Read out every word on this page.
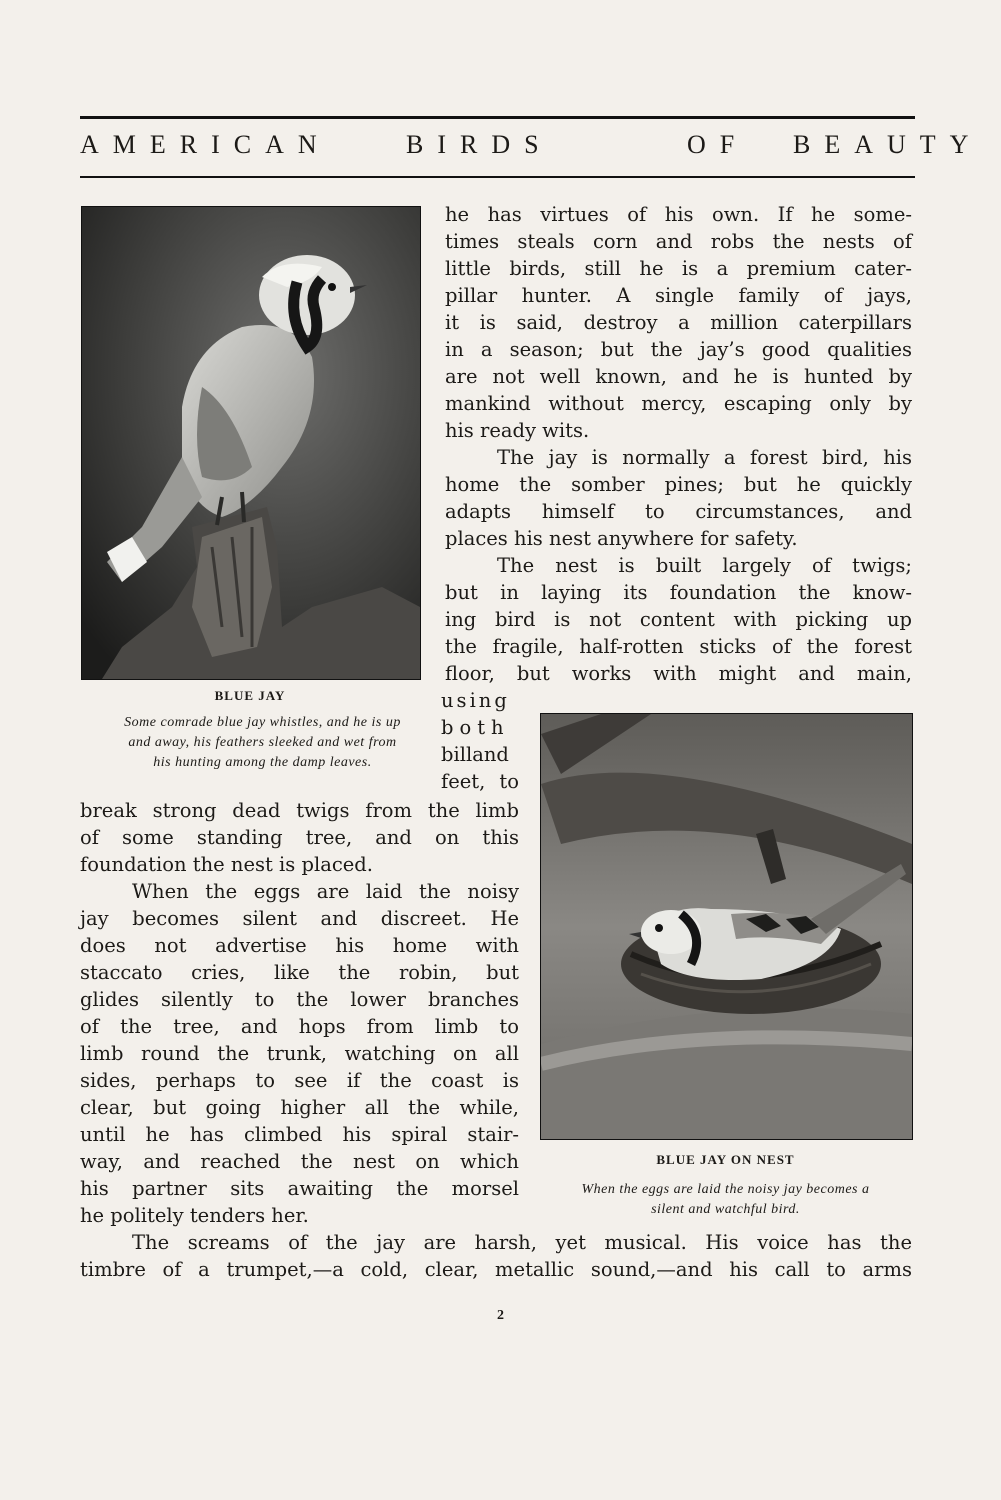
AMERICAN	BIRDS	OF BEAUTY
BLUE JAY
Some comrade blue jay whistles, and he is up
and away, his feathers sleeked and wet from
his hunting among the damp leaves.
BLUE JAY ON NEST
When the eggs are laid the noisy jay becomes a
silent and watchful bird.
he has virtues of his own. If he some-
times steals corn and robs the nests of
little birds, still he is a premium cater-
pillar hunter. A single family of jays,
it is said, destroy a million caterpillars
in a season; but the jay’s good qualities
are not well known, and he is hunted by
mankind without mercy, escaping only by
his ready wits.
The jay is normally a forest bird, his
home the somber pines; but he quickly
adapts himself to circumstances, and
places his nest anywhere for safety.
The nest is built largely of twigs;
but in laying its foundation the know-
ing bird is not content with picking up
the fragile, half-rotten sticks of the forest
floor, but works with might and main,
using
both
billand
feet, to
break strong dead twigs from the limb
of some standing tree, and on this
foundation the nest is placed.
When the eggs are laid the noisy
jay becomes silent and discreet. He
does not advertise his home with
staccato cries, like the robin, but
glides silently to the lower branches
of the tree, and hops from limb to
limb round the trunk, watching on all
sides, perhaps to see if the coast is
clear, but going higher all the while,
until he has climbed his spiral stair-
way, and reached the nest on which
his partner sits awaiting the morsel
he politely tenders her.
The screams of the jay are harsh, yet musical. His voice has the
timbre of a trumpet,—a cold, clear, metallic sound,—and his call to arms
2
